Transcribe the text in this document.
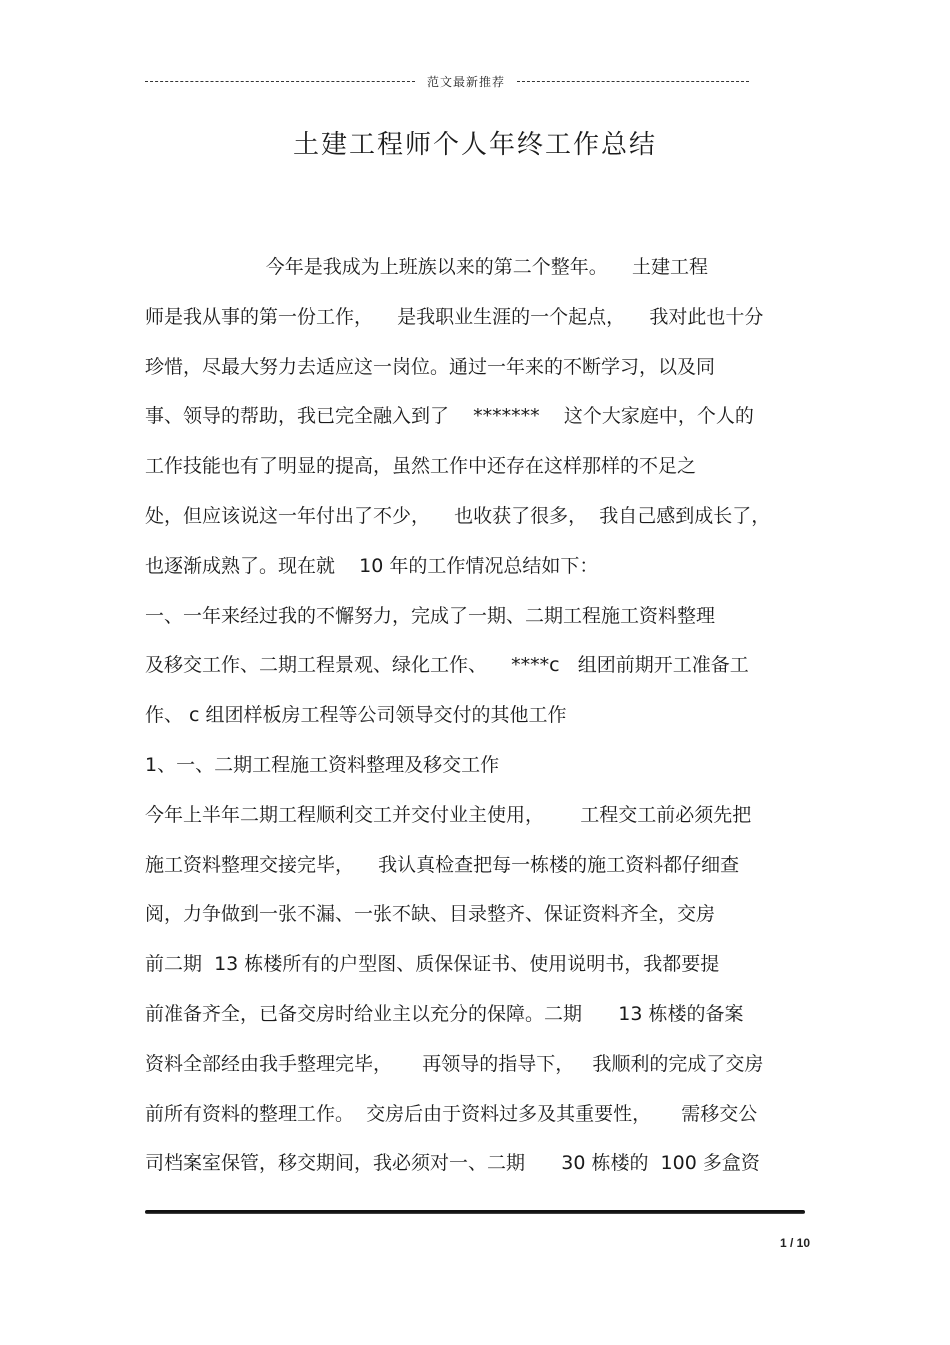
范文最新推荐
土建工程师个人年终工作总结
今年是我成为上班族以来的第二个整年。    土建工程
师是我从事的第一份工作，    是我职业生涯的一个起点，    我对此也十分
珍惜，尽最大努力去适应这一岗位。通过一年来的不断学习，以及同
事、领导的帮助，我已完全融入到了    *******    这个大家庭中，个人的
工作技能也有了明显的提高，虽然工作中还存在这样那样的不足之
处，但应该说这一年付出了不少，    也收获了很多，  我自己感到成长了，
也逐渐成熟了。现在就    10 年的工作情况总结如下：
一、一年来经过我的不懈努力，完成了一期、二期工程施工资料整理
及移交工作、二期工程景观、绿化工作、    ****c   组团前期开工准备工
作、 c 组团样板房工程等公司领导交付的其他工作
1、一、二期工程施工资料整理及移交工作
今年上半年二期工程顺利交工并交付业主使用，      工程交工前必须先把
施工资料整理交接完毕，    我认真检查把每一栋楼的施工资料都仔细查
阅，力争做到一张不漏、一张不缺、目录整齐、保证资料齐全，交房
前二期  13 栋楼所有的户型图、质保保证书、使用说明书，我都要提
前准备齐全，已备交房时给业主以充分的保障。二期      13 栋楼的备案
资料全部经由我手整理完毕，     再领导的指导下，   我顺利的完成了交房
前所有资料的整理工作。  交房后由于资料过多及其重要性，     需移交公
司档案室保管，移交期间，我必须对一、二期      30 栋楼的  100 多盒资
1 / 10
